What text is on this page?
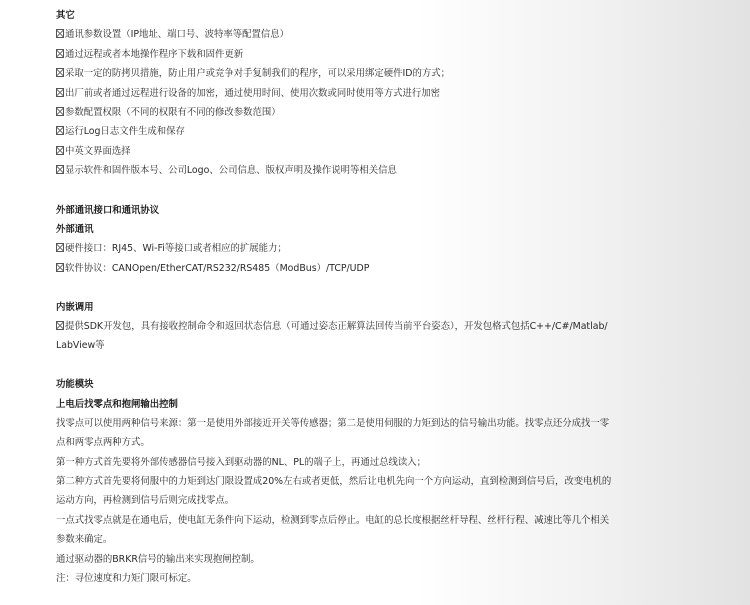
其它
通讯参数设置（IP地址、端口号、波特率等配置信息）
通过远程或者本地操作程序下载和固件更新
采取一定的防拷贝措施，防止用户或竞争对手复制我们的程序，可以采用绑定硬件ID的方式；
出厂前或者通过远程进行设备的加密，通过使用时间、使用次数或同时使用等方式进行加密
参数配置权限（不同的权限有不同的修改参数范围）
运行Log日志文件生成和保存
中英文界面选择
显示软件和固件版本号、公司Logo、公司信息、版权声明及操作说明等相关信息
外部通讯接口和通讯协议
外部通讯
硬件接口：RJ45、Wi-Fi等接口或者相应的扩展能力；
软件协议：CANOpen/EtherCAT/RS232/RS485（ModBus）/TCP/UDP
内嵌调用
提供SDK开发包，具有接收控制命令和返回状态信息（可通过姿态正解算法回传当前平台姿态），开发包格式包括C++/C#/Matlab/
LabView等
功能模块
上电后找零点和抱闸输出控制
找零点可以使用两种信号来源：第一是使用外部接近开关等传感器；第二是使用伺服的力矩到达的信号输出功能。找零点还分成找一零
点和两零点两种方式。
第一种方式首先要将外部传感器信号接入到驱动器的NL、PL的端子上，再通过总线读入；
第二种方式首先要将伺服中的力矩到达门限设置成20%左右或者更低，然后让电机先向一个方向运动，直到检测到信号后，改变电机的
运动方向，再检测到信号后则完成找零点。
一点式找零点就是在通电后，使电缸无条件向下运动，检测到零点后停止。电缸的总长度根据丝杆导程、丝杆行程、减速比等几个相关
参数来确定。
通过驱动器的BRKR信号的输出来实现抱闸控制。
注：寻位速度和力矩门限可标定。
